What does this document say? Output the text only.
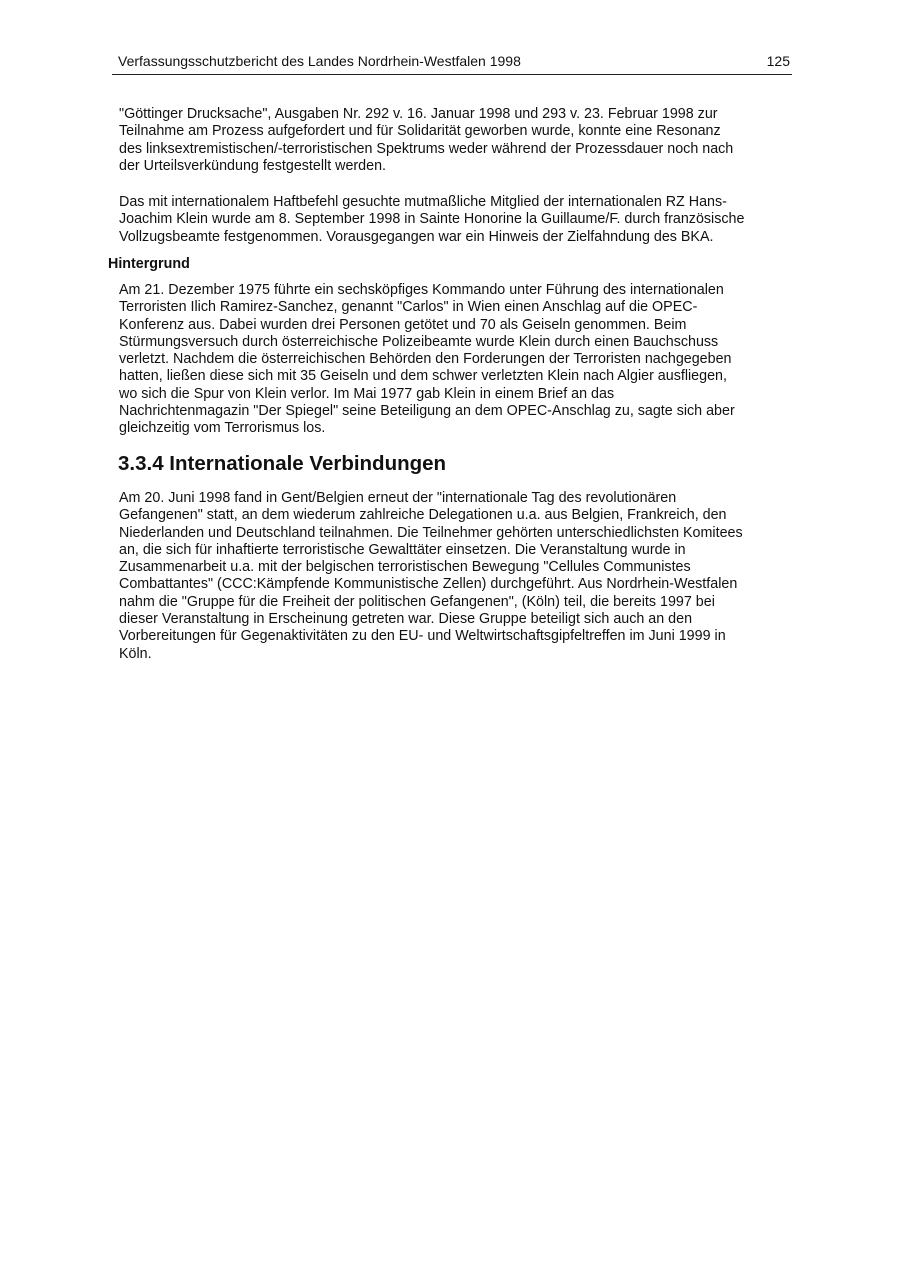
Verfassungsschutzbericht des Landes Nordrhein-Westfalen 1998	125

"Göttinger Drucksache", Ausgaben Nr. 292 v. 16. Januar 1998 und 293 v. 23. Februar 1998 zur
Teilnahme am Prozess aufgefordert und für Solidarität geworben wurde, konnte eine Resonanz
des linksextremistischen/-terroristischen Spektrums weder während der Prozessdauer noch nach
der Urteilsverkündung festgestellt werden.

Das mit internationalem Haftbefehl gesuchte mutmaßliche Mitglied der internationalen RZ Hans-
Joachim Klein wurde am 8. September 1998 in Sainte Honorine la Guillaume/F. durch französische
Vollzugsbeamte festgenommen. Vorausgegangen war ein Hinweis der Zielfahndung des BKA.

Hintergrund

Am 21. Dezember 1975 führte ein sechsköpfiges Kommando unter Führung des internationalen
Terroristen Ilich Ramirez-Sanchez, genannt "Carlos" in Wien einen Anschlag auf die OPEC-
Konferenz aus. Dabei wurden drei Personen getötet und 70 als Geiseln genommen. Beim
Stürmungsversuch durch österreichische Polizeibeamte wurde Klein durch einen Bauchschuss
verletzt. Nachdem die österreichischen Behörden den Forderungen der Terroristen nachgegeben
hatten, ließen diese sich mit 35 Geiseln und dem schwer verletzten Klein nach Algier ausfliegen,
wo sich die Spur von Klein verlor. Im Mai 1977 gab Klein in einem Brief an das
Nachrichtenmagazin "Der Spiegel" seine Beteiligung an dem OPEC-Anschlag zu, sagte sich aber
gleichzeitig vom Terrorismus los.

3.3.4 Internationale Verbindungen

Am 20. Juni 1998 fand in Gent/Belgien erneut der "internationale Tag des revolutionären
Gefangenen" statt, an dem wiederum zahlreiche Delegationen u.a. aus Belgien, Frankreich, den
Niederlanden und Deutschland teilnahmen. Die Teilnehmer gehörten unterschiedlichsten Komitees
an, die sich für inhaftierte terroristische Gewalttäter einsetzen. Die Veranstaltung wurde in
Zusammenarbeit u.a. mit der belgischen terroristischen Bewegung "Cellules Communistes
Combattantes" (CCC:Kämpfende Kommunistische Zellen) durchgeführt. Aus Nordrhein-Westfalen
nahm die "Gruppe für die Freiheit der politischen Gefangenen", (Köln) teil, die bereits 1997 bei
dieser Veranstaltung in Erscheinung getreten war. Diese Gruppe beteiligt sich auch an den
Vorbereitungen für Gegenaktivitäten zu den EU- und Weltwirtschaftsgipfeltreffen im Juni 1999 in
Köln.
